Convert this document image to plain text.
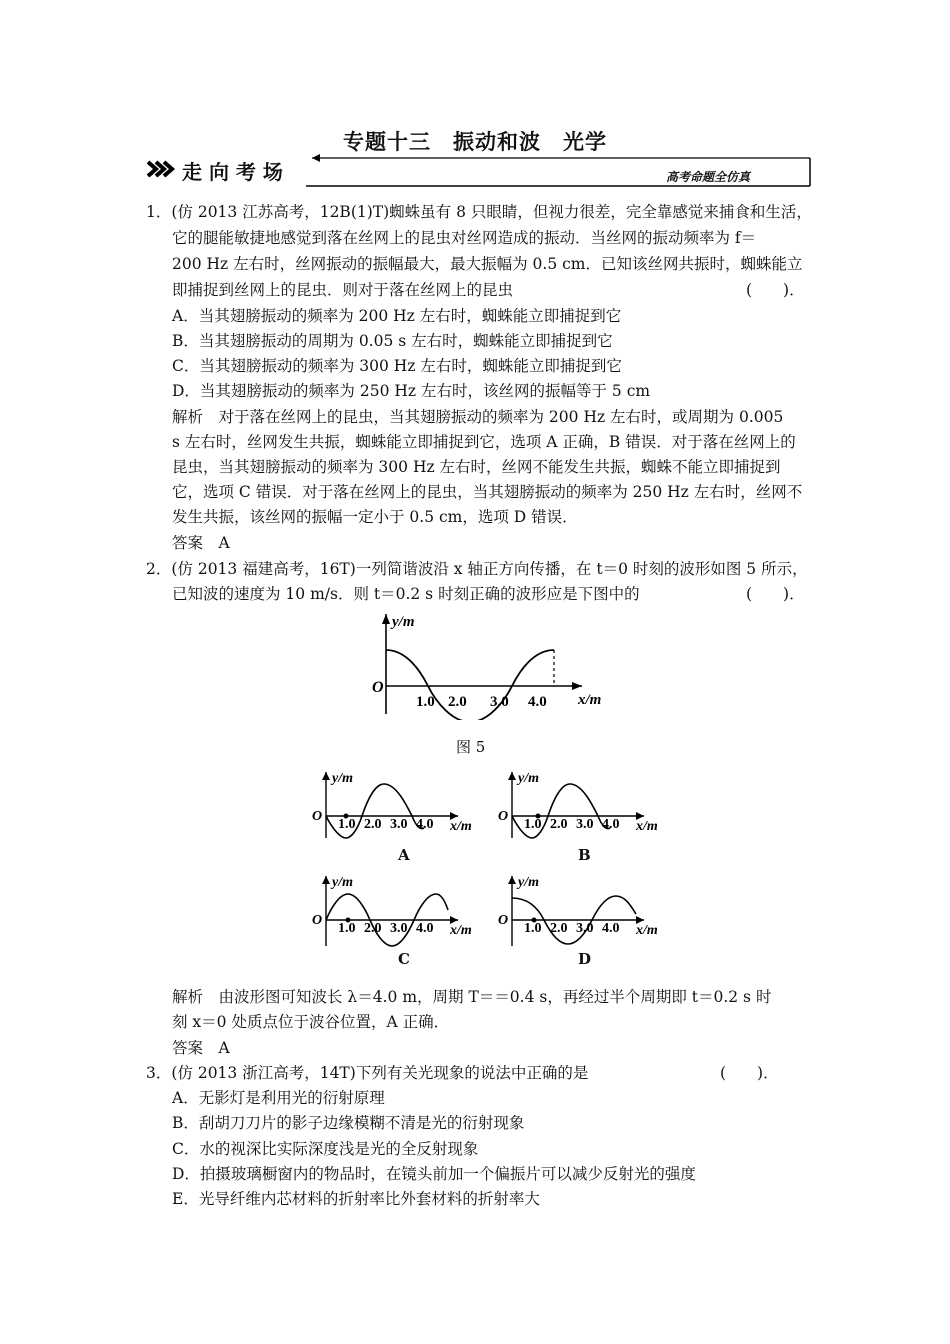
专题十三　振动和波　光学
走 向 考 场	高考命题全仿真
1．(仿 2013 江苏高考，12B(1)T)蜘蛛虽有 8 只眼睛，但视力很差，完全靠感觉来捕食和生活，
它的腿能敏捷地感觉到落在丝网上的昆虫对丝网造成的振动．当丝网的振动频率为 f＝
200 Hz 左右时，丝网振动的振幅最大，最大振幅为 0.5 cm．已知该丝网共振时，蜘蛛能立
即捕捉到丝网上的昆虫．则对于落在丝网上的昆虫	(　　)．
A．当其翅膀振动的频率为 200 Hz 左右时，蜘蛛能立即捕捉到它
B．当其翅膀振动的周期为 0.05 s 左右时，蜘蛛能立即捕捉到它
C．当其翅膀振动的频率为 300 Hz 左右时，蜘蛛能立即捕捉到它
D．当其翅膀振动的频率为 250 Hz 左右时，该丝网的振幅等于 5 cm
解析　对于落在丝网上的昆虫，当其翅膀振动的频率为 200 Hz 左右时，或周期为 0.005
s 左右时，丝网发生共振，蜘蛛能立即捕捉到它，选项 A 正确，B 错误．对于落在丝网上的
昆虫，当其翅膀振动的频率为 300 Hz 左右时，丝网不能发生共振，蜘蛛不能立即捕捉到
它，选项 C 错误．对于落在丝网上的昆虫，当其翅膀振动的频率为 250 Hz 左右时，丝网不
发生共振，该丝网的振幅一定小于 0.5 cm，选项 D 错误．
答案　A
2．(仿 2013 福建高考，16T)一列简谐波沿 x 轴正方向传播，在 t＝0 时刻的波形如图 5 所示，
已知波的速度为 10 m/s．则 t＝0.2 s 时刻正确的波形应是下图中的	(　　)．
O
y/m
x/m
1.0 2.0 3.0 4.0
图 5
O
y/m
x/m
1.0 2.0 3.0 4.0
A
O
y/m
x/m
1.0 2.0 3.0 4.0
B
O
y/m
x/m
1.0 2.0 3.0 4.0
C
O
y/m
x/m
1.0 2.0 3.0 4.0
D
解析　由波形图可知波长 λ＝4.0 m，周期 T＝＝0.4 s，再经过半个周期即 t＝0.2 s 时
刻 x＝0 处质点位于波谷位置，A 正确．
答案　A
3．(仿 2013 浙江高考，14T)下列有关光现象的说法中正确的是	(　　)．
A．无影灯是利用光的衍射原理
B．刮胡刀刀片的影子边缘模糊不清是光的衍射现象
C．水的视深比实际深度浅是光的全反射现象
D．拍摄玻璃橱窗内的物品时，在镜头前加一个偏振片可以减少反射光的强度
E．光导纤维内芯材料的折射率比外套材料的折射率大
